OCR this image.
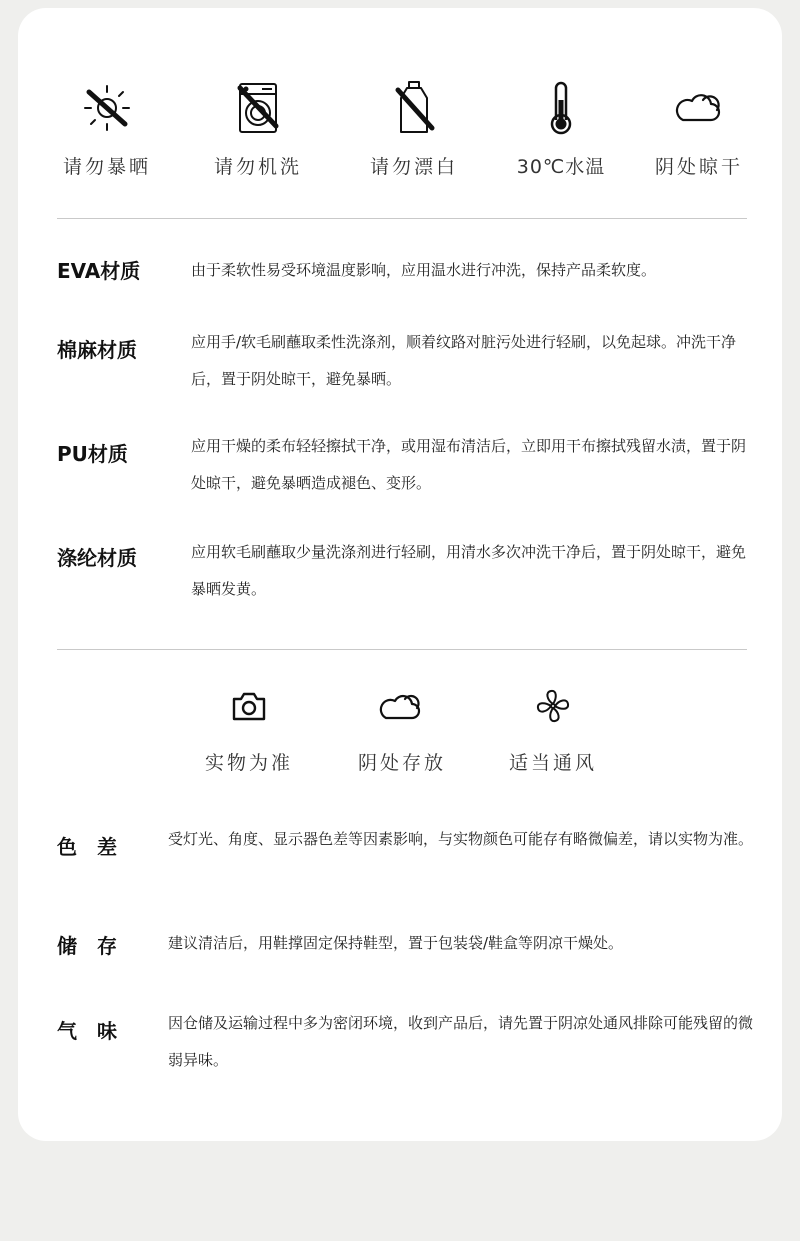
请勿暴晒	请勿机洗	请勿漂白	30℃水温	阴处晾干
EVA材质	由于柔软性易受环境温度影响，应用温水进行冲洗，保持产品柔软度。
棉麻材质	应用手/软毛刷蘸取柔性洗涤剂，顺着纹路对脏污处进行轻刷，以免起球。冲洗干净后，置于阴处晾干，避免暴晒。
PU材质	应用干燥的柔布轻轻擦拭干净，或用湿布清洁后，立即用干布擦拭残留水渍，置于阴处晾干，避免暴晒造成褪色、变形。
涤纶材质	应用软毛刷蘸取少量洗涤剂进行轻刷，用清水多次冲洗干净后，置于阴处晾干，避免暴晒发黄。
实物为准	阴处存放	适当通风
色差 受灯光、角度、显示器色差等因素影响，与实物颜色可能存有略微偏差，请以实物为准。
储存 建议清洁后，用鞋撑固定保持鞋型，置于包装袋/鞋盒等阴凉干燥处。
气味 因仓储及运输过程中多为密闭环境，收到产品后，请先置于阴凉处通风排除可能残留的微弱异味。
